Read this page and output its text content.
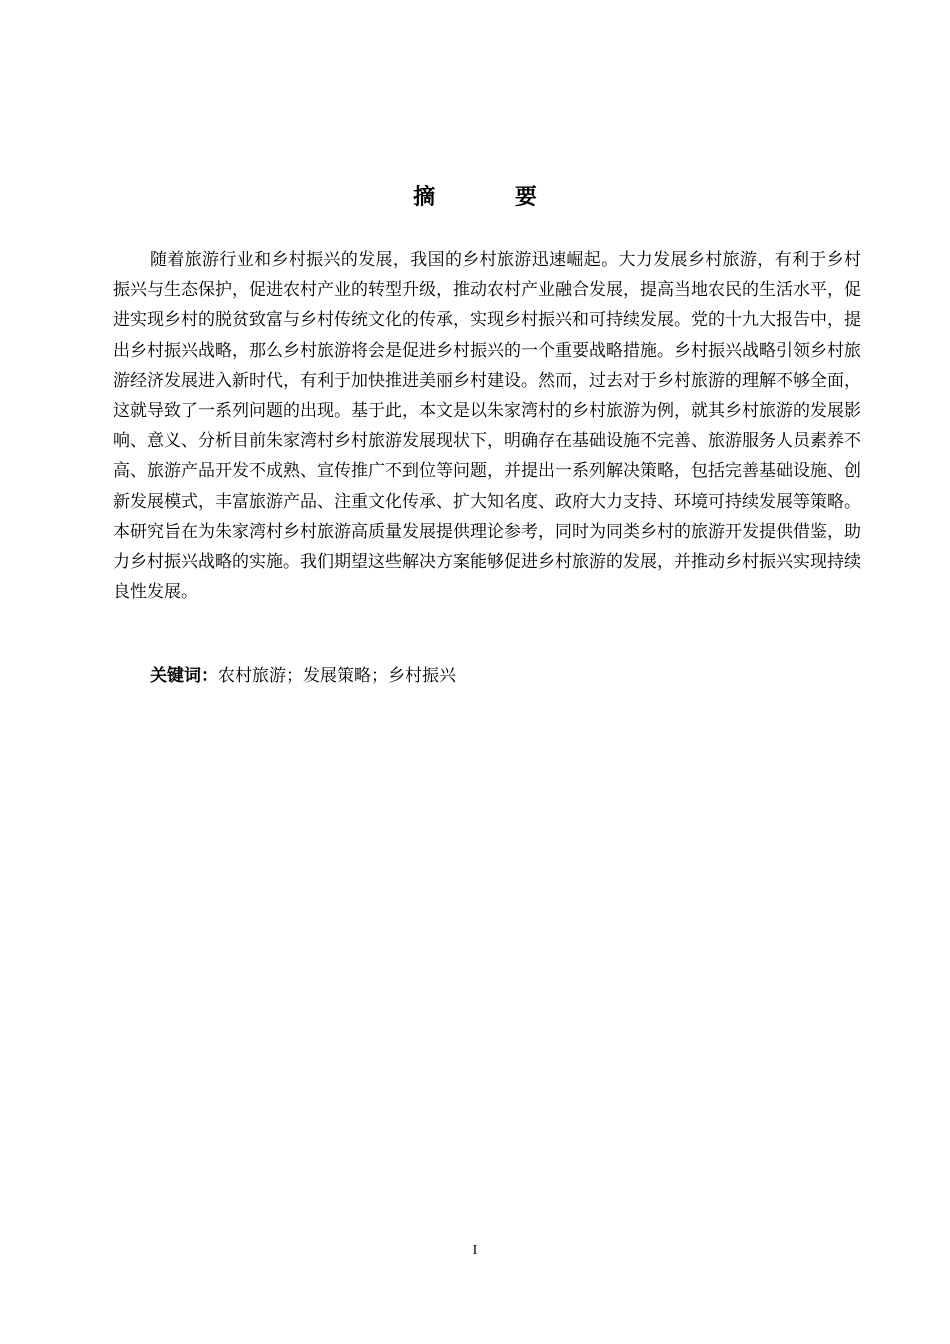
摘 要

随着旅游行业和乡村振兴的发展，我国的乡村旅游迅速崛起。大力发展乡村旅游，有利于乡村振兴与生态保护，促进农村产业的转型升级，推动农村产业融合发展，提高当地农民的生活水平，促进实现乡村的脱贫致富与乡村传统文化的传承，实现乡村振兴和可持续发展。党的十九大报告中，提出乡村振兴战略，那么乡村旅游将会是促进乡村振兴的一个重要战略措施。乡村振兴战略引领乡村旅游经济发展进入新时代，有利于加快推进美丽乡村建设。然而，过去对于乡村旅游的理解不够全面，这就导致了一系列问题的出现。基于此，本文是以朱家湾村的乡村旅游为例，就其乡村旅游的发展影响、意义、分析目前朱家湾村乡村旅游发展现状下，明确存在基础设施不完善、旅游服务人员素养不高、旅游产品开发不成熟、宣传推广不到位等问题，并提出一系列解决策略，包括完善基础设施、创新发展模式，丰富旅游产品、注重文化传承、扩大知名度、政府大力支持、环境可持续发展等策略。本研究旨在为朱家湾村乡村旅游高质量发展提供理论参考，同时为同类乡村的旅游开发提供借鉴，助力乡村振兴战略的实施。我们期望这些解决方案能够促进乡村旅游的发展，并推动乡村振兴实现持续良性发展。

关键词：农村旅游；发展策略；乡村振兴

I
